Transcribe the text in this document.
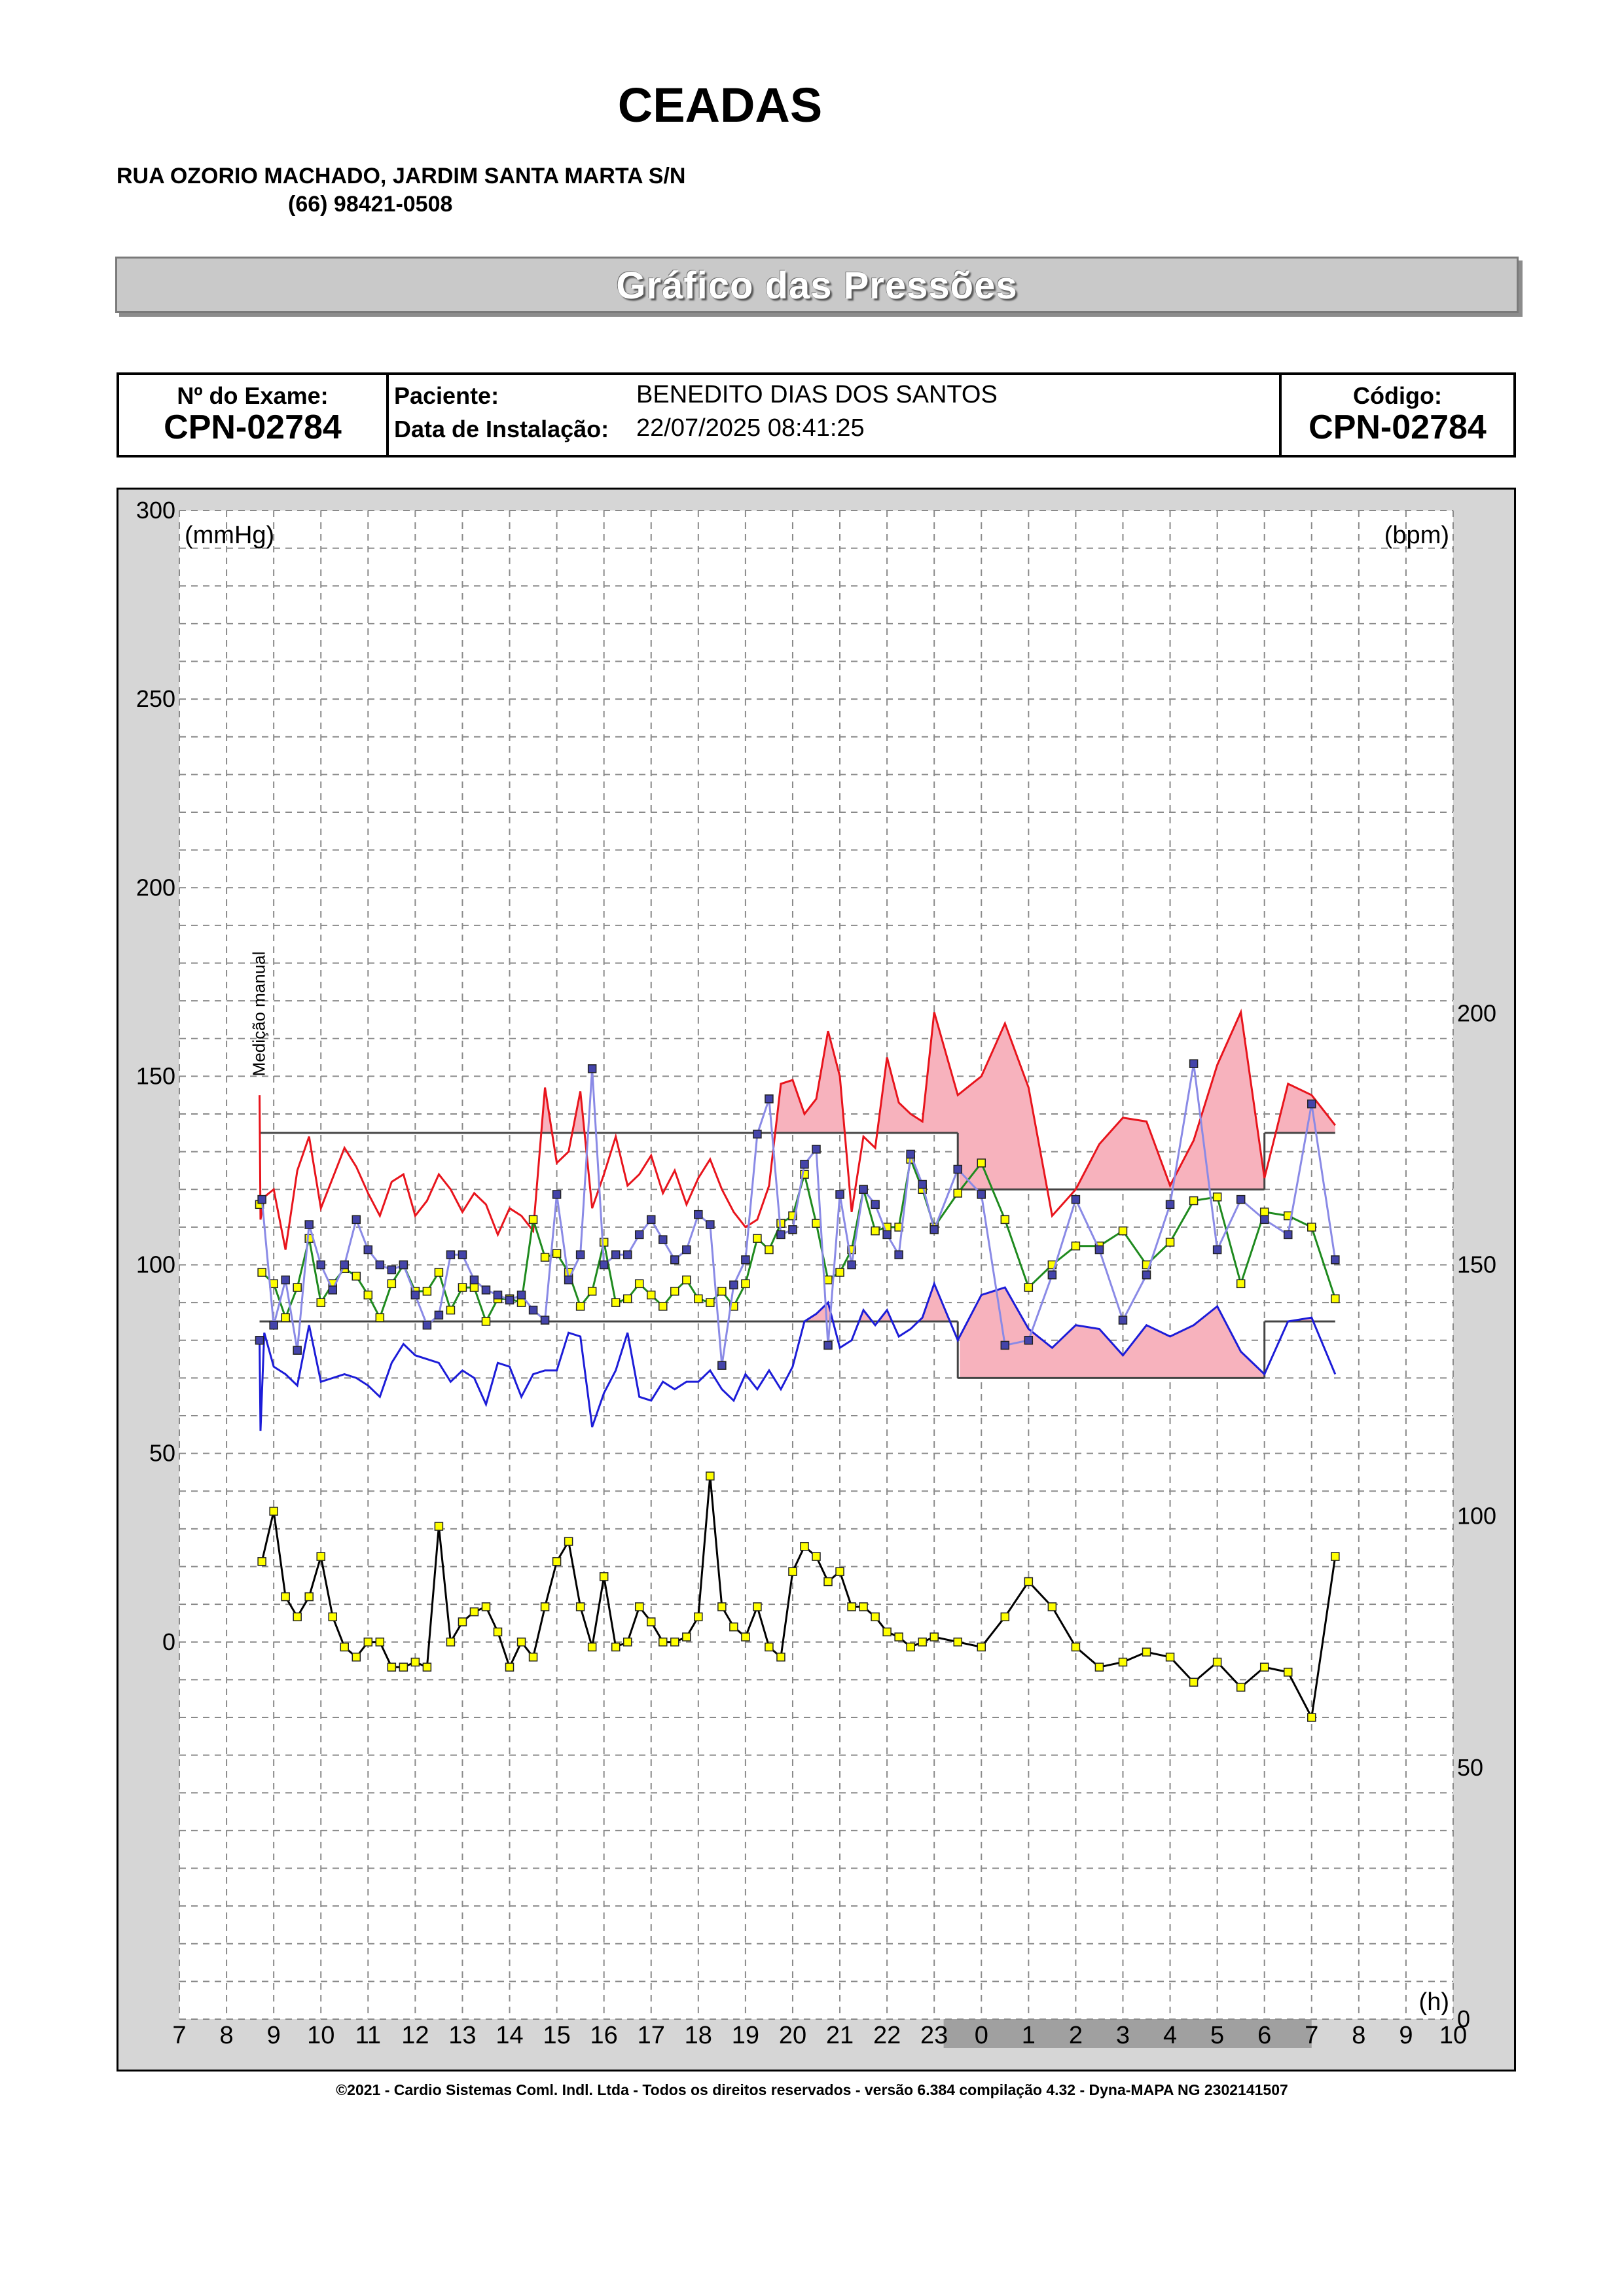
CEADAS
RUA OZORIO MACHADO, JARDIM SANTA MARTA S/N
(66) 98421-0508
Gráfico das Pressões
Nº do Exame:
CPN-02784
Paciente:	BENEDITO DIAS DOS SANTOS
Data de Instalação: 22/07/2025 08:41:25
Código:
CPN-02784
300
250
200
150
100
50
0
200
150
100
50
0
7 8 9 10 11 12 13 14 15 16 17 18 19 20 21 22 23 0 1 2 3 4 5 6 7 8 9 10
(mmHg)	(bpm)
(h)
Medição manual
©2021 - Cardio Sistemas Coml. Indl. Ltda - Todos os direitos reservados - versão 6.384 compilação 4.32 - Dyna-MAPA NG 2302141507
